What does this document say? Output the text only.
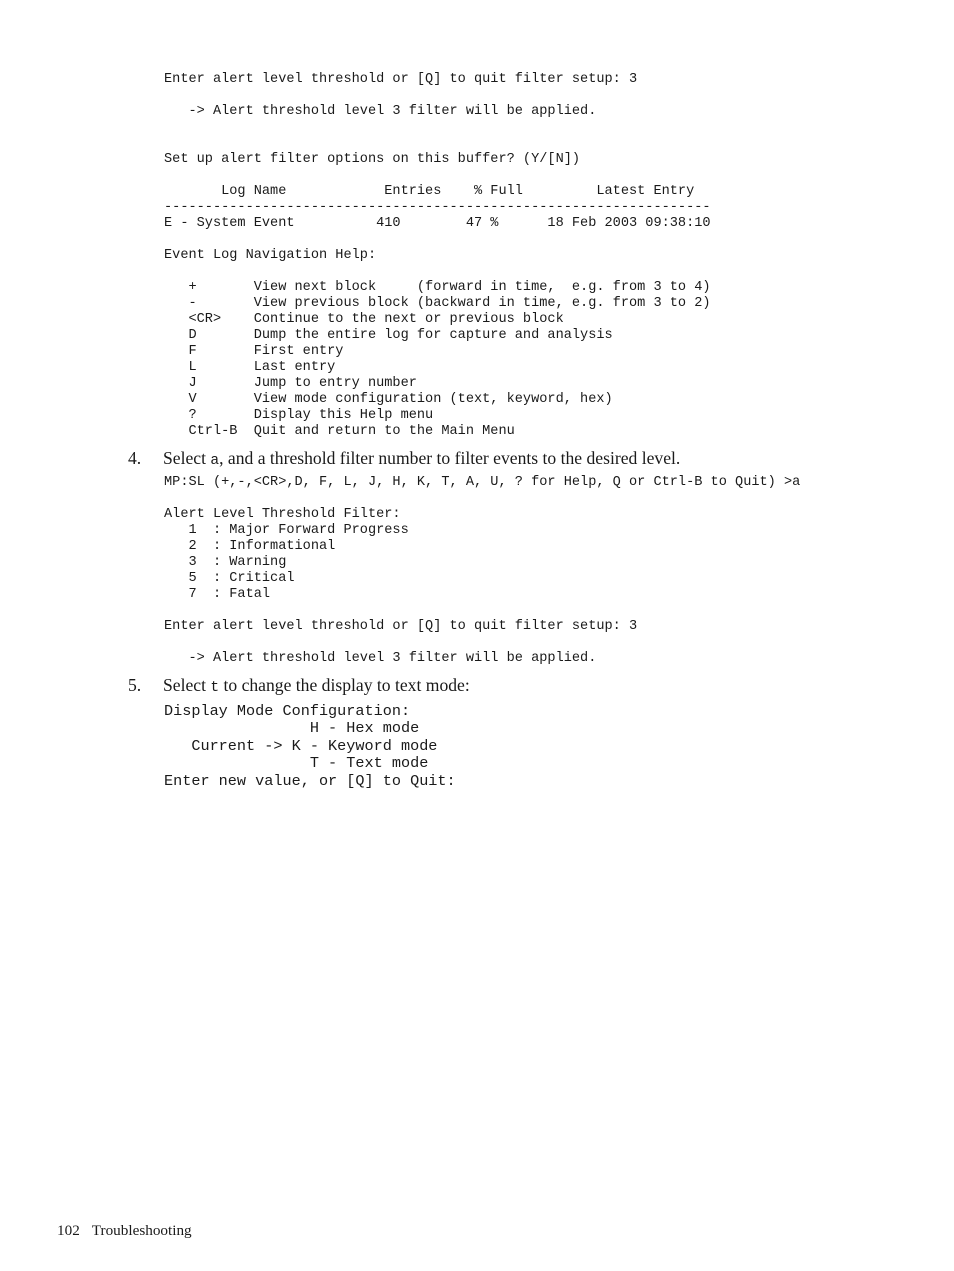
Enter alert level threshold or [Q] to quit filter setup: 3
-> Alert threshold level 3 filter will be applied.
Set up alert filter options on this buffer? (Y/[N])
Log Name            Entries    % Full         Latest Entry
-------------------------------------------------------------------
E - System Event          410        47 %      18 Feb 2003 09:38:10
Event Log Navigation Help:
+       View next block     (forward in time,  e.g. from 3 to 4)
-       View previous block (backward in time, e.g. from 3 to 2)
<CR>    Continue to the next or previous block
D       Dump the entire log for capture and analysis
F       First entry
L       Last entry
J       Jump to entry number
V       View mode configuration (text, keyword, hex)
?       Display this Help menu
Ctrl-B  Quit and return to the Main Menu
4. Select a, and a threshold filter number to filter events to the desired level.
MP:SL (+,-,<CR>,D, F, L, J, H, K, T, A, U, ? for Help, Q or Ctrl-B to Quit) >a
Alert Level Threshold Filter:
1  : Major Forward Progress
2  : Informational
3  : Warning
5  : Critical
7  : Fatal
Enter alert level threshold or [Q] to quit filter setup: 3
-> Alert threshold level 3 filter will be applied.
5. Select t to change the display to text mode:
Display Mode Configuration:
H - Hex mode
Current -> K - Keyword mode
T - Text mode
Enter new value, or [Q] to Quit:
102 Troubleshooting
